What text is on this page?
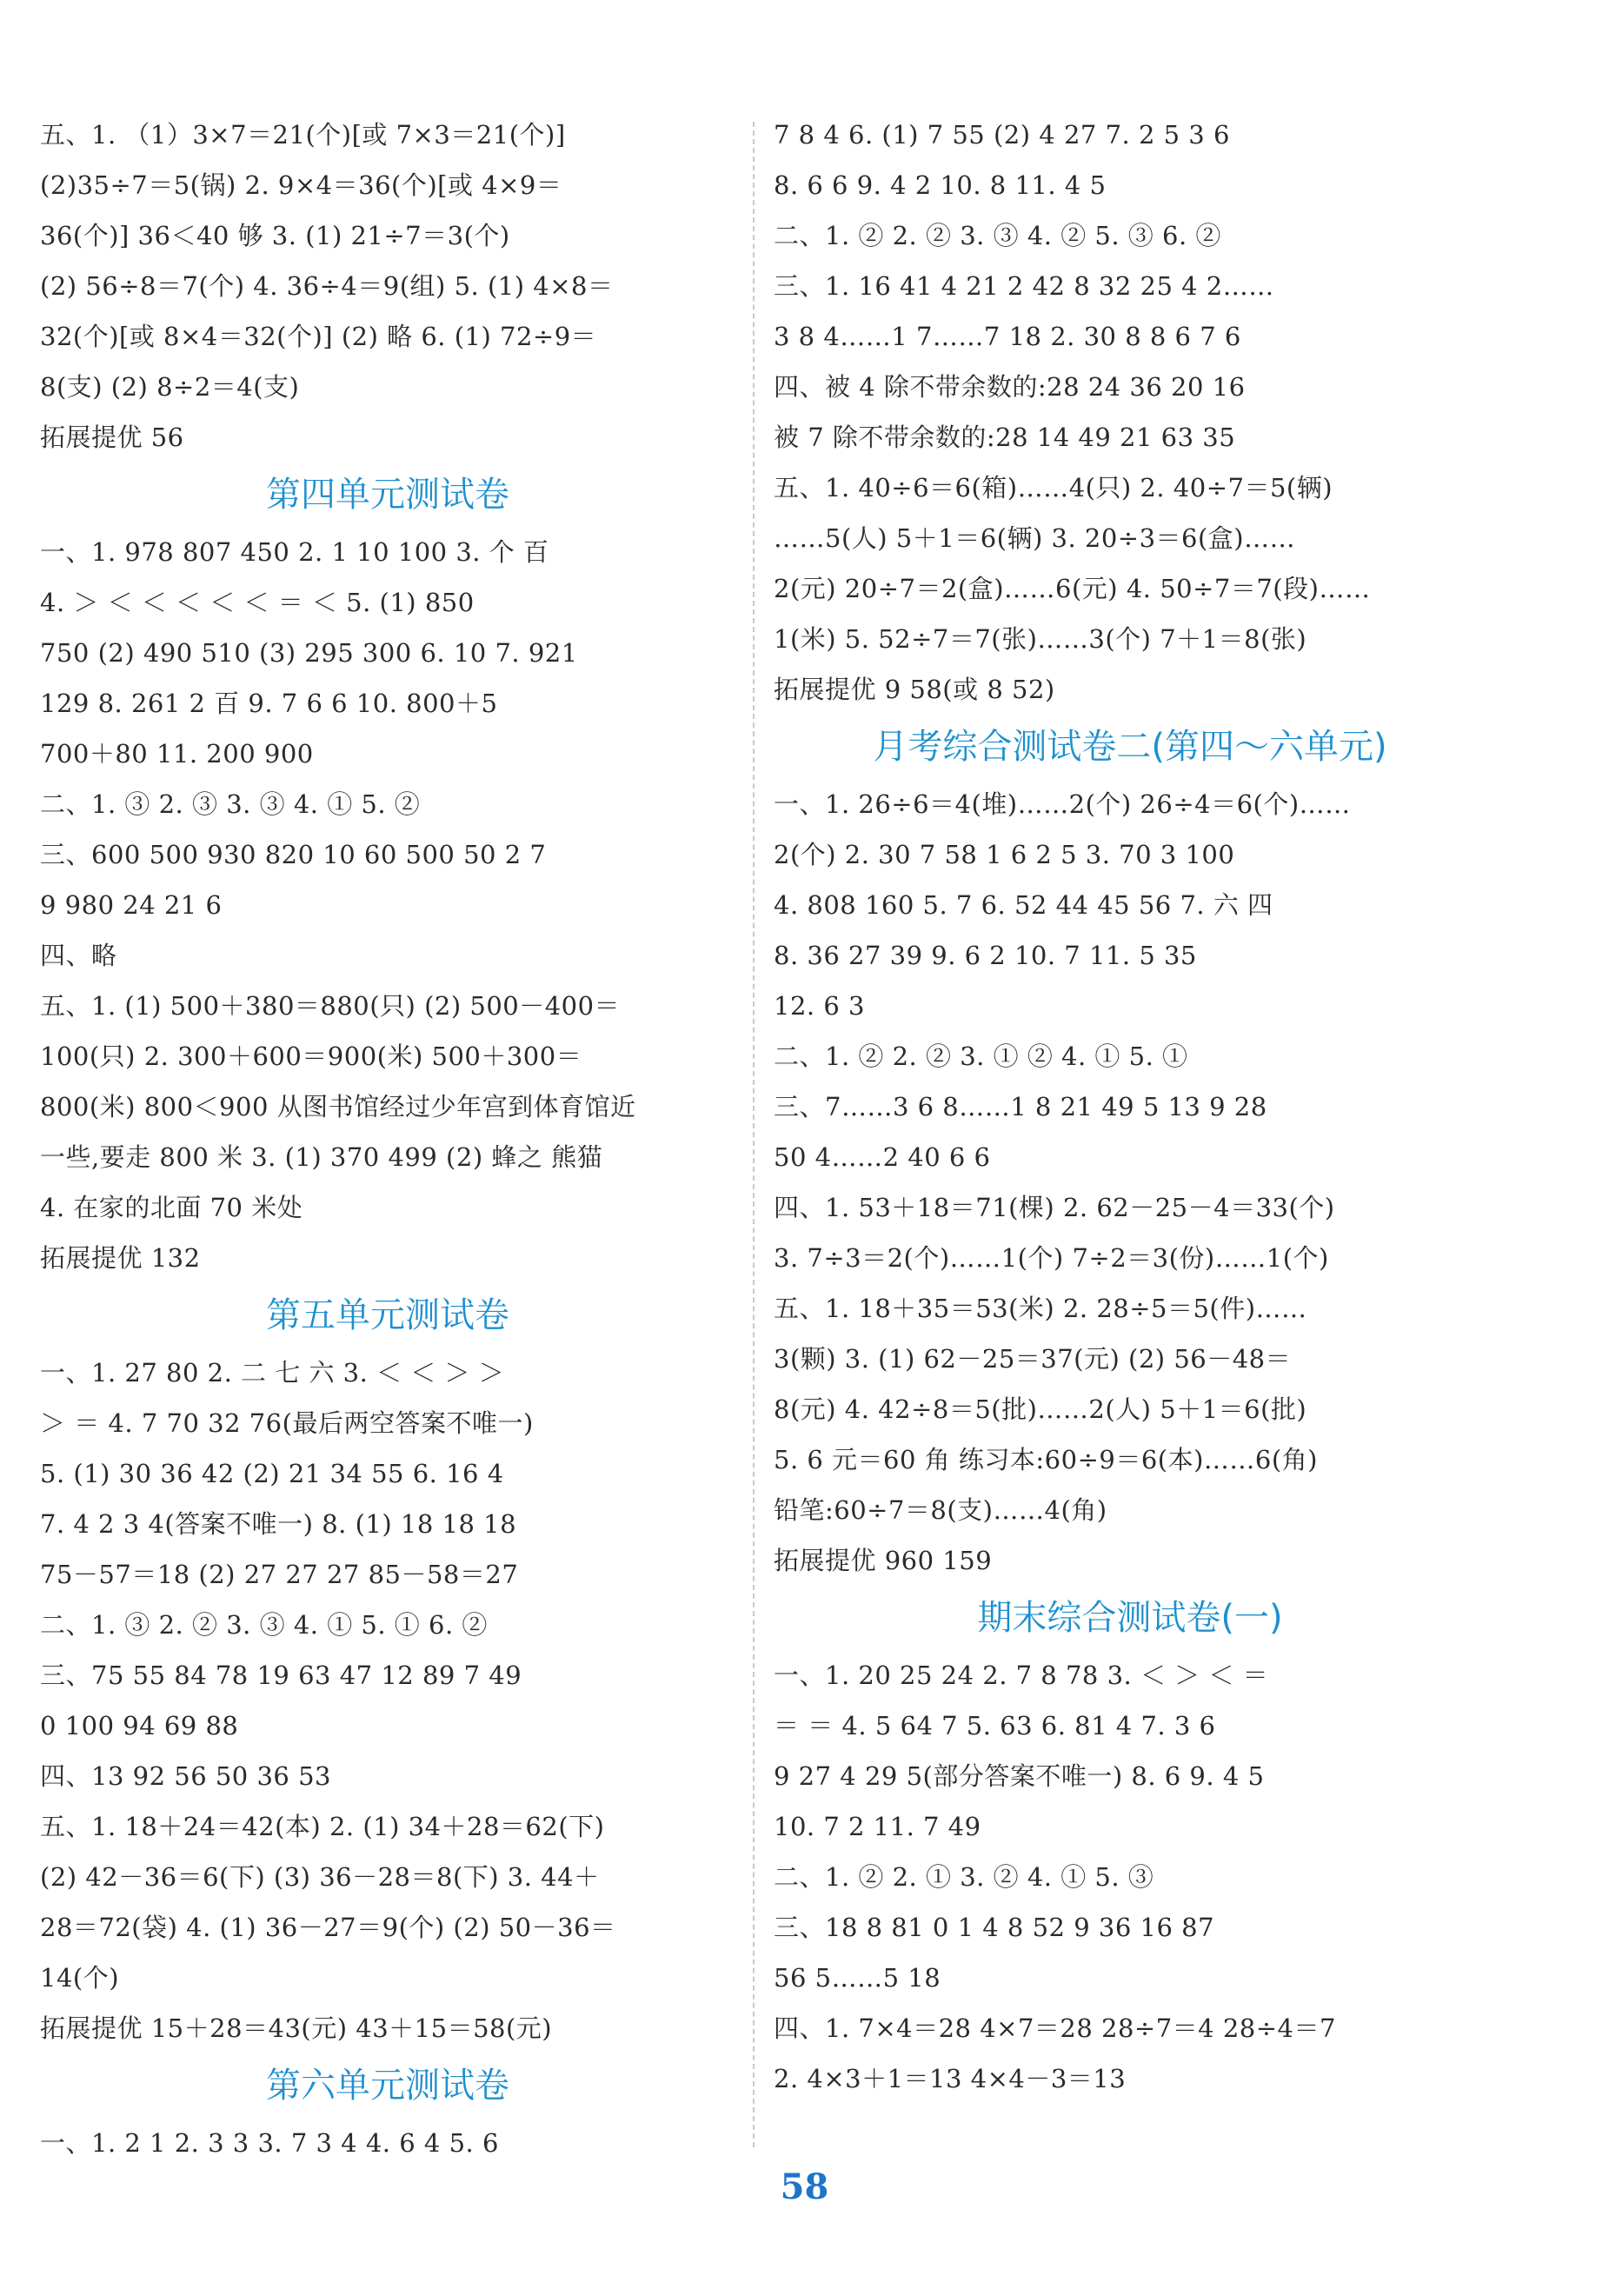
五、1. （1）3×7＝21(个)[或 7×3＝21(个)]
(2)35÷7＝5(锅) 2. 9×4＝36(个)[或 4×9＝
36(个)] 36＜40 够 3. (1) 21÷7＝3(个)
(2) 56÷8＝7(个) 4. 36÷4＝9(组) 5. (1) 4×8＝
32(个)[或 8×4＝32(个)] (2) 略 6. (1) 72÷9＝
8(支) (2) 8÷2＝4(支)
拓展提优 56
第四单元测试卷
一、1. 978 807 450 2. 1 10 100 3. 个 百
4. ＞ ＜ ＜ ＜ ＜ ＜ ＝ ＜ 5. (1) 850
750 (2) 490 510 (3) 295 300 6. 10 7. 921
129 8. 261 2 百 9. 7 6 6 10. 800＋5
700＋80 11. 200 900
二、1. ③ 2. ③ 3. ③ 4. ① 5. ②
三、600 500 930 820 10 60 500 50 2 7
9 980 24 21 6
四、略
五、1. (1) 500＋380＝880(只) (2) 500－400＝
100(只) 2. 300＋600＝900(米) 500＋300＝
800(米) 800＜900 从图书馆经过少年宫到体育馆近
一些,要走 800 米 3. (1) 370 499 (2) 蜂之 熊猫
4. 在家的北面 70 米处
拓展提优 132
第五单元测试卷
一、1. 27 80 2. 二 七 六 3. ＜ ＜ ＞ ＞
＞ ＝ 4. 7 70 32 76(最后两空答案不唯一)
5. (1) 30 36 42 (2) 21 34 55 6. 16 4
7. 4 2 3 4(答案不唯一) 8. (1) 18 18 18
75－57＝18 (2) 27 27 27 85－58＝27
二、1. ③ 2. ② 3. ③ 4. ① 5. ① 6. ②
三、75 55 84 78 19 63 47 12 89 7 49
0 100 94 69 88
四、13 92 56 50 36 53
五、1. 18＋24＝42(本) 2. (1) 34＋28＝62(下)
(2) 42－36＝6(下) (3) 36－28＝8(下) 3. 44＋
28＝72(袋) 4. (1) 36－27＝9(个) (2) 50－36＝
14(个)
拓展提优 15＋28＝43(元) 43＋15＝58(元)
第六单元测试卷
一、1. 2 1 2. 3 3 3. 7 3 4 4. 6 4 5. 6
7 8 4 6. (1) 7 55 (2) 4 27 7. 2 5 3 6
8. 6 6 9. 4 2 10. 8 11. 4 5
二、1. ② 2. ② 3. ③ 4. ② 5. ③ 6. ②
三、1. 16 41 4 21 2 42 8 32 25 4 2……
3 8 4……1 7……7 18 2. 30 8 8 6 7 6
四、被 4 除不带余数的:28 24 36 20 16
被 7 除不带余数的:28 14 49 21 63 35
五、1. 40÷6＝6(箱)……4(只) 2. 40÷7＝5(辆)
……5(人) 5＋1＝6(辆) 3. 20÷3＝6(盒)……
2(元) 20÷7＝2(盒)……6(元) 4. 50÷7＝7(段)……
1(米) 5. 52÷7＝7(张)……3(个) 7＋1＝8(张)
拓展提优 9 58(或 8 52)
月考综合测试卷二(第四～六单元)
一、1. 26÷6＝4(堆)……2(个) 26÷4＝6(个)……
2(个) 2. 30 7 58 1 6 2 5 3. 70 3 100
4. 808 160 5. 7 6. 52 44 45 56 7. 六 四
8. 36 27 39 9. 6 2 10. 7 11. 5 35
12. 6 3
二、1. ② 2. ② 3. ① ② 4. ① 5. ①
三、7……3 6 8……1 8 21 49 5 13 9 28
50 4……2 40 6 6
四、1. 53＋18＝71(棵) 2. 62－25－4＝33(个)
3. 7÷3＝2(个)……1(个) 7÷2＝3(份)……1(个)
五、1. 18＋35＝53(米) 2. 28÷5＝5(件)……
3(颗) 3. (1) 62－25＝37(元) (2) 56－48＝
8(元) 4. 42÷8＝5(批)……2(人) 5＋1＝6(批)
5. 6 元＝60 角 练习本:60÷9＝6(本)……6(角)
铅笔:60÷7＝8(支)……4(角)
拓展提优 960 159
期末综合测试卷(一)
一、1. 20 25 24 2. 7 8 78 3. ＜ ＞ ＜ ＝
＝ ＝ 4. 5 64 7 5. 63 6. 81 4 7. 3 6
9 27 4 29 5(部分答案不唯一) 8. 6 9. 4 5
10. 7 2 11. 7 49
二、1. ② 2. ① 3. ② 4. ① 5. ③
三、18 8 81 0 1 4 8 52 9 36 16 87
56 5……5 18
四、1. 7×4＝28 4×7＝28 28÷7＝4 28÷4＝7
2. 4×3＋1＝13 4×4－3＝13
58
